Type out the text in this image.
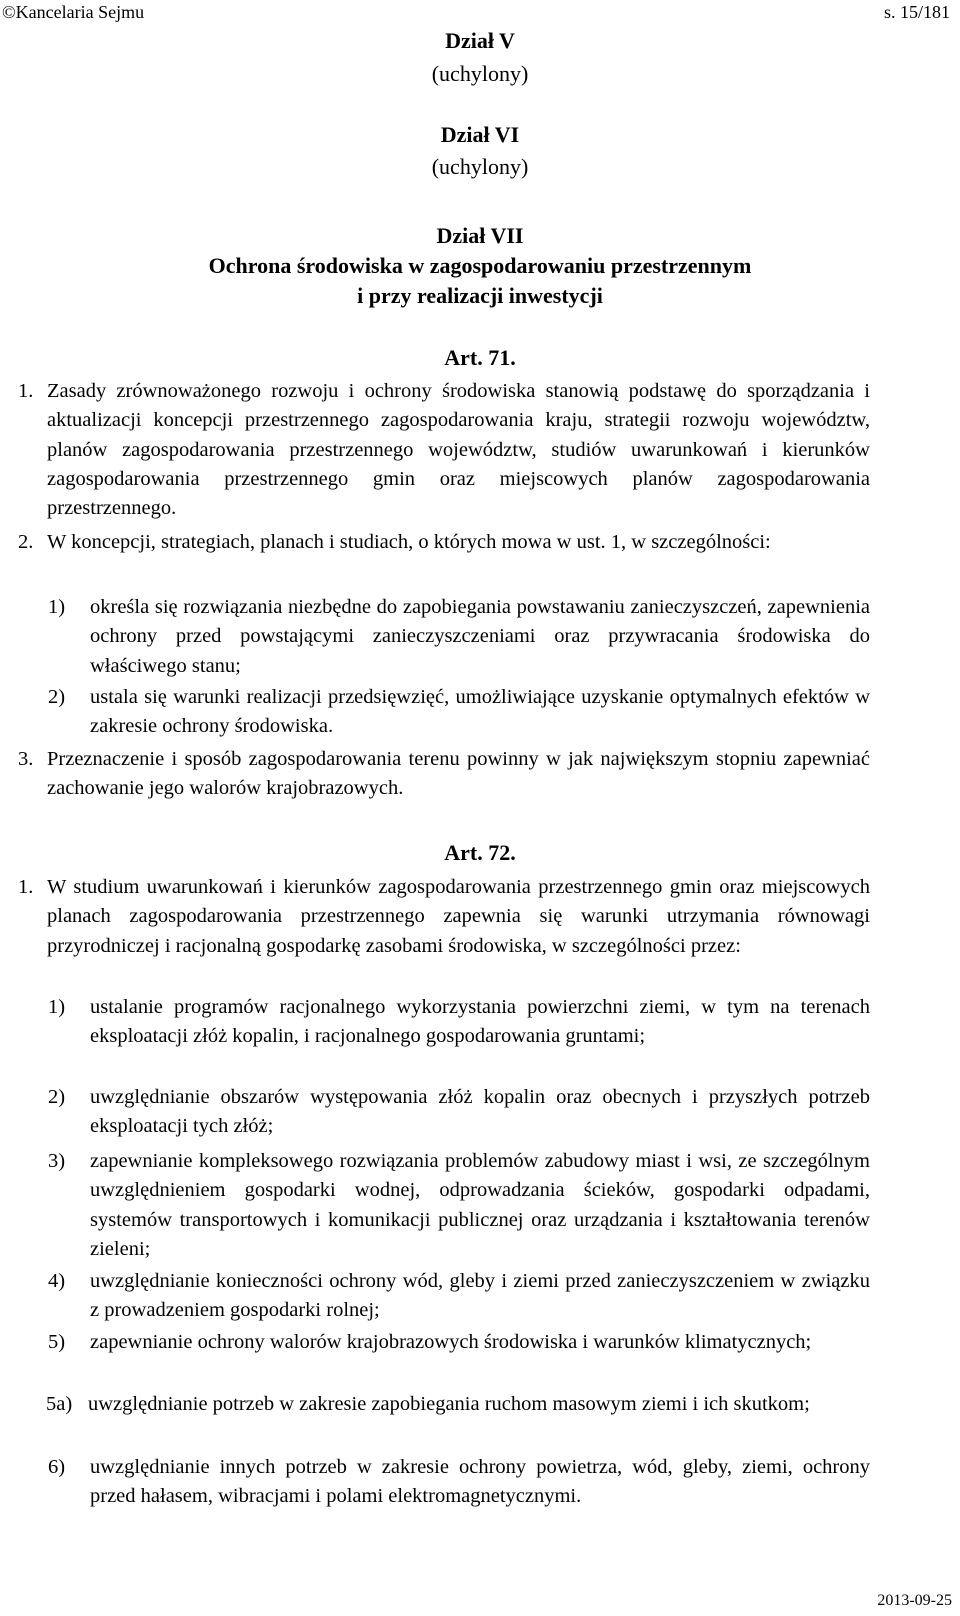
©Kancelaria Sejmu	s. 15/181
Dział V
(uchylony)
Dział VI
(uchylony)
Dział VII
Ochrona środowiska w zagospodarowaniu przestrzennym
i przy realizacji inwestycji
Art. 71.
1. Zasady zrównoważonego rozwoju i ochrony środowiska stanowią podstawę do sporządzania i aktualizacji koncepcji przestrzennego zagospodarowania kraju, strategii rozwoju województw, planów zagospodarowania przestrzennego województw, studiów uwarunkowań i kierunków zagospodarowania przestrzennego gmin oraz miejscowych planów zagospodarowania przestrzennego.
2. W koncepcji, strategiach, planach i studiach, o których mowa w ust. 1, w szczególności:
1) określa się rozwiązania niezbędne do zapobiegania powstawaniu zanieczyszczeń, zapewnienia ochrony przed powstającymi zanieczyszczeniami oraz przywracania środowiska do właściwego stanu;
2) ustala się warunki realizacji przedsięwzięć, umożliwiające uzyskanie optymalnych efektów w zakresie ochrony środowiska.
3. Przeznaczenie i sposób zagospodarowania terenu powinny w jak największym stopniu zapewniać zachowanie jego walorów krajobrazowych.
Art. 72.
1. W studium uwarunkowań i kierunków zagospodarowania przestrzennego gmin oraz miejscowych planach zagospodarowania przestrzennego zapewnia się warunki utrzymania równowagi przyrodniczej i racjonalną gospodarkę zasobami środowiska, w szczególności przez:
1) ustalanie programów racjonalnego wykorzystania powierzchni ziemi, w tym na terenach eksploatacji złóż kopalin, i racjonalnego gospodarowania gruntami;
2) uwzględnianie obszarów występowania złóż kopalin oraz obecnych i przyszłych potrzeb eksploatacji tych złóż;
3) zapewnianie kompleksowego rozwiązania problemów zabudowy miast i wsi, ze szczególnym uwzględnieniem gospodarki wodnej, odprowadzania ścieków, gospodarki odpadami, systemów transportowych i komunikacji publicznej oraz urządzania i kształtowania terenów zieleni;
4) uwzględnianie konieczności ochrony wód, gleby i ziemi przed zanieczyszczeniem w związku z prowadzeniem gospodarki rolnej;
5) zapewnianie ochrony walorów krajobrazowych środowiska i warunków klimatycznych;
5a) uwzględnianie potrzeb w zakresie zapobiegania ruchom masowym ziemi i ich skutkom;
6) uwzględnianie innych potrzeb w zakresie ochrony powietrza, wód, gleby, ziemi, ochrony przed hałasem, wibracjami i polami elektromagnetycznymi.
2013-09-25
